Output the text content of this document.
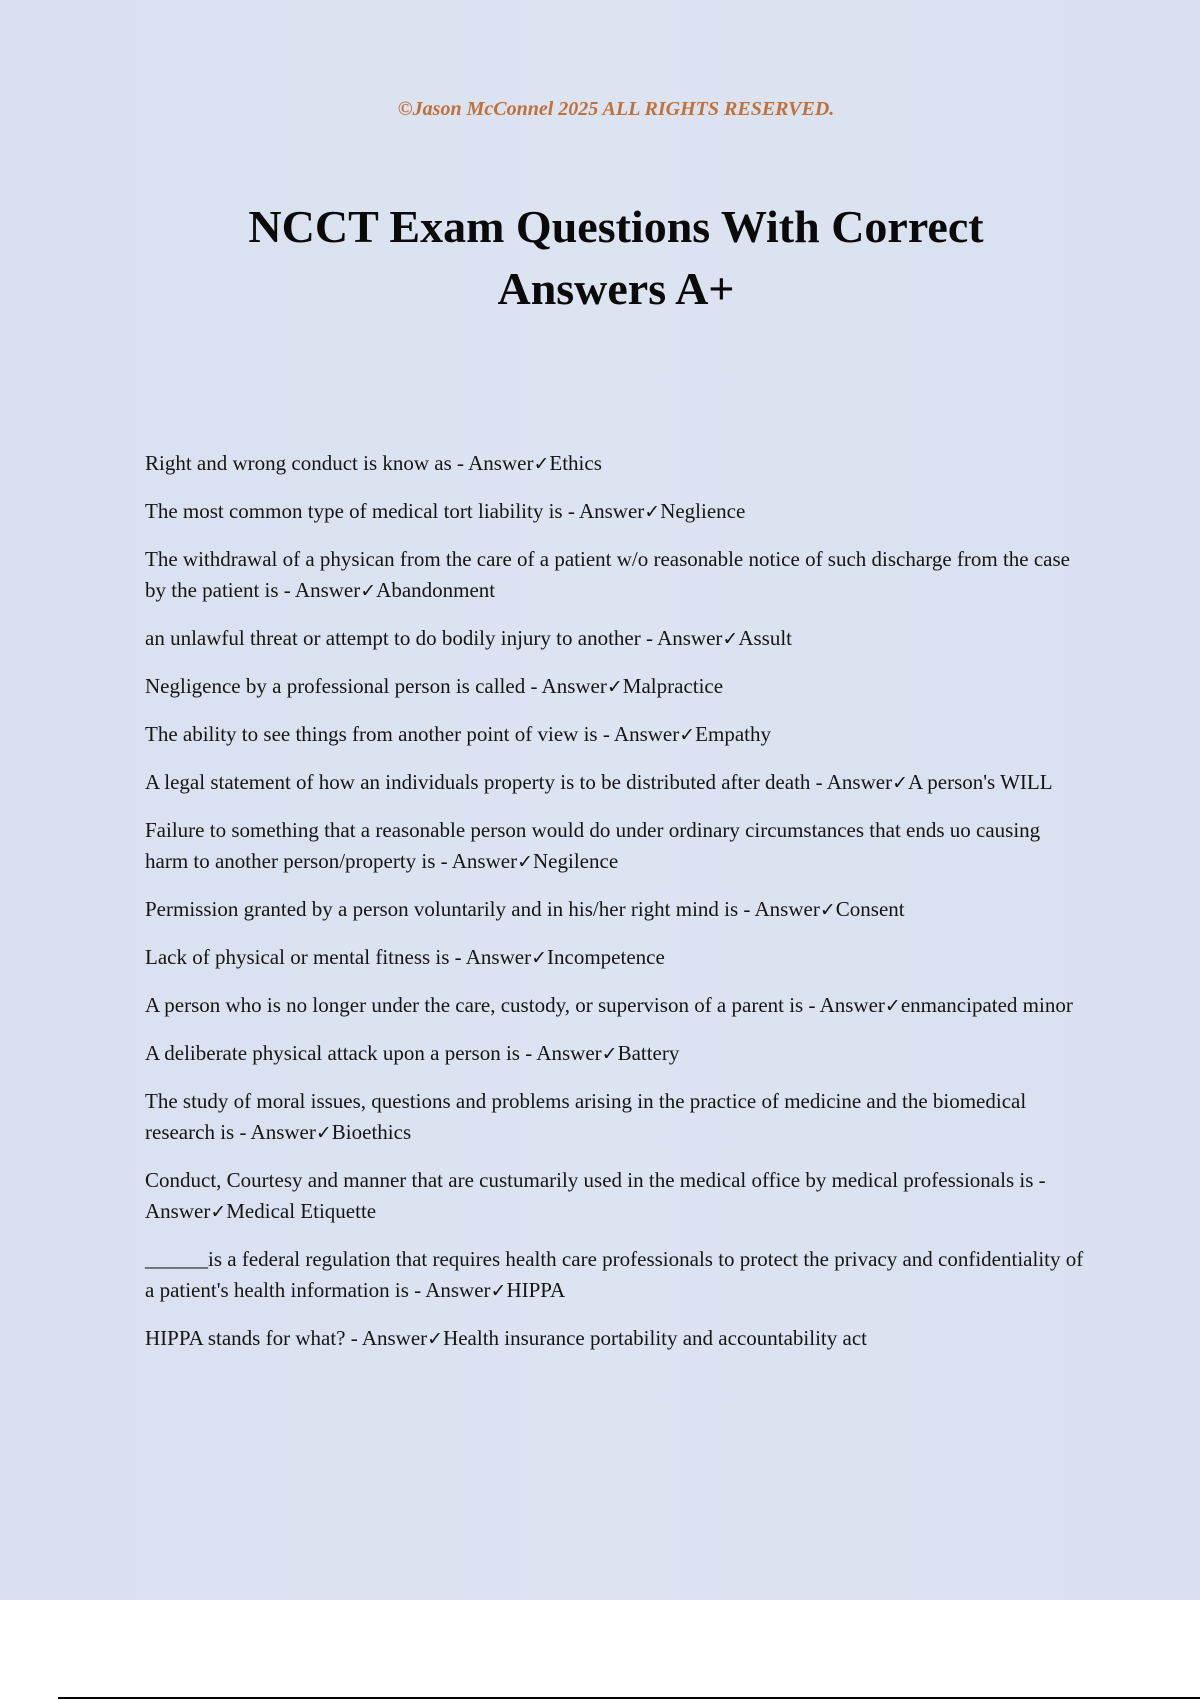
©Jason McConnel 2025 ALL RIGHTS RESERVED.
NCCT Exam Questions With Correct
Answers A+
Right and wrong conduct is know as - Answer✓Ethics
The most common type of medical tort liability is - Answer✓Neglience
The withdrawal of a physican from the care of a patient w/o reasonable notice of such discharge from the case by the patient is - Answer✓Abandonment
an unlawful threat or attempt to do bodily injury to another - Answer✓Assult
Negligence by a professional person is called - Answer✓Malpractice
The ability to see things from another point of view is - Answer✓Empathy
A legal statement of how an individuals property is to be distributed after death - Answer✓A person's WILL
Failure to something that a reasonable person would do under ordinary circumstances that ends uo causing harm to another person/property is - Answer✓Negilence
Permission granted by a person voluntarily and in his/her right mind is - Answer✓Consent
Lack of physical or mental fitness is - Answer✓Incompetence
A person who is no longer under the care, custody, or supervison of a parent is - Answer✓enmancipated minor
A deliberate physical attack upon a person is - Answer✓Battery
The study of moral issues, questions and problems arising in the practice of medicine and the biomedical research is - Answer✓Bioethics
Conduct, Courtesy and manner that are custumarily used in the medical office by medical professionals is - Answer✓Medical Etiquette
______is a federal regulation that requires health care professionals to protect the privacy and confidentiality of a patient's health information is - Answer✓HIPPA
HIPPA stands for what? - Answer✓Health insurance portability and accountability act
